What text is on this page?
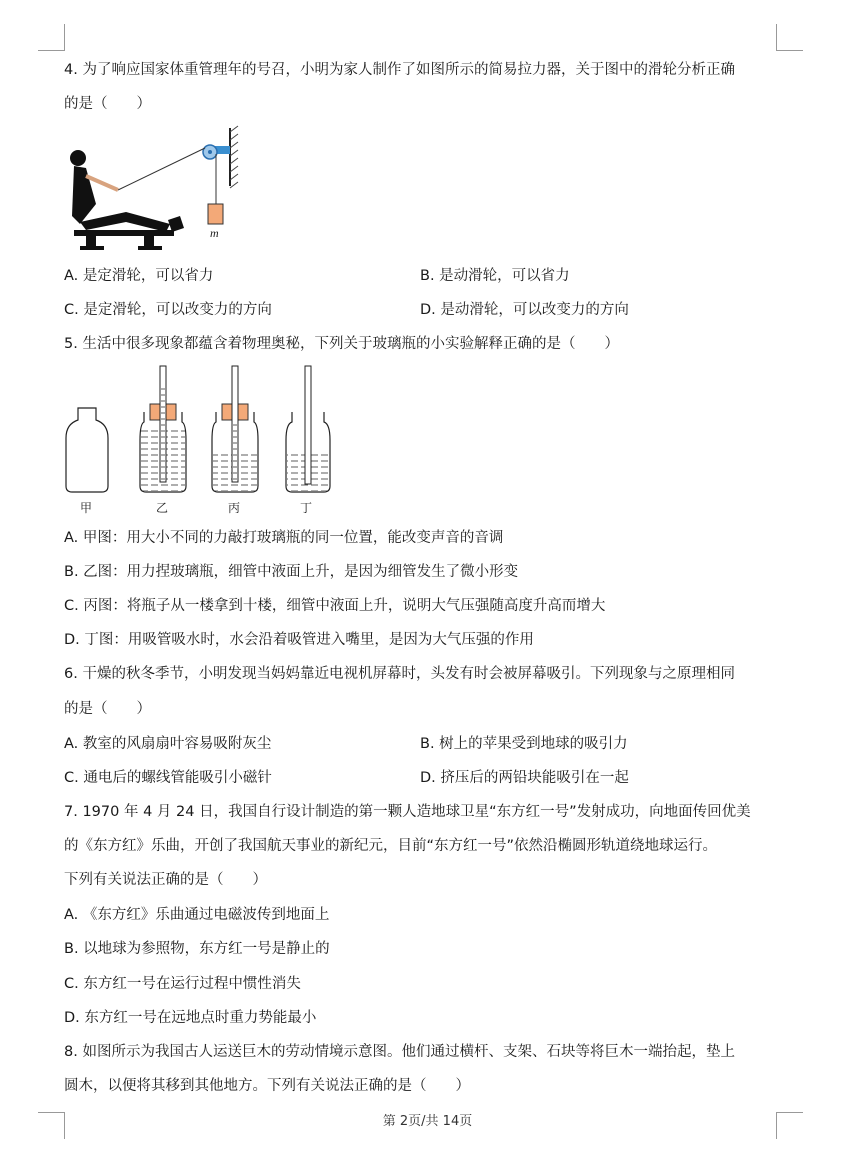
4. 为了响应国家体重管理年的号召，小明为家人制作了如图所示的简易拉力器，关于图中的滑轮分析正确
的是（　　）
m
A. 是定滑轮，可以省力	B. 是动滑轮，可以省力
C. 是定滑轮，可以改变力的方向	D. 是动滑轮，可以改变力的方向
5. 生活中很多现象都蕴含着物理奥秘，下列关于玻璃瓶的小实验解释正确的是（　　）
甲	乙	丙	丁
A. 甲图：用大小不同的力敲打玻璃瓶的同一位置，能改变声音的音调
B. 乙图：用力捏玻璃瓶，细管中液面上升，是因为细管发生了微小形变
C. 丙图：将瓶子从一楼拿到十楼，细管中液面上升，说明大气压强随高度升高而增大
D. 丁图：用吸管吸水时，水会沿着吸管进入嘴里，是因为大气压强的作用
6. 干燥的秋冬季节，小明发现当妈妈靠近电视机屏幕时，头发有时会被屏幕吸引。下列现象与之原理相同
的是（　　）
A. 教室的风扇扇叶容易吸附灰尘	B. 树上的苹果受到地球的吸引力
C. 通电后的螺线管能吸引小磁针	D. 挤压后的两铅块能吸引在一起
7. 1970 年 4 月 24 日，我国自行设计制造的第一颗人造地球卫星“东方红一号”发射成功，向地面传回优美
的《东方红》乐曲，开创了我国航天事业的新纪元，目前“东方红一号”依然沿椭圆形轨道绕地球运行。
下列有关说法正确的是（　　）
A. 《东方红》乐曲通过电磁波传到地面上
B. 以地球为参照物，东方红一号是静止的
C. 东方红一号在运行过程中惯性消失
D. 东方红一号在远地点时重力势能最小
8. 如图所示为我国古人运送巨木的劳动情境示意图。他们通过横杆、支架、石块等将巨木一端抬起，垫上
圆木，以便将其移到其他地方。下列有关说法正确的是（　　）
第 2页/共 14页
